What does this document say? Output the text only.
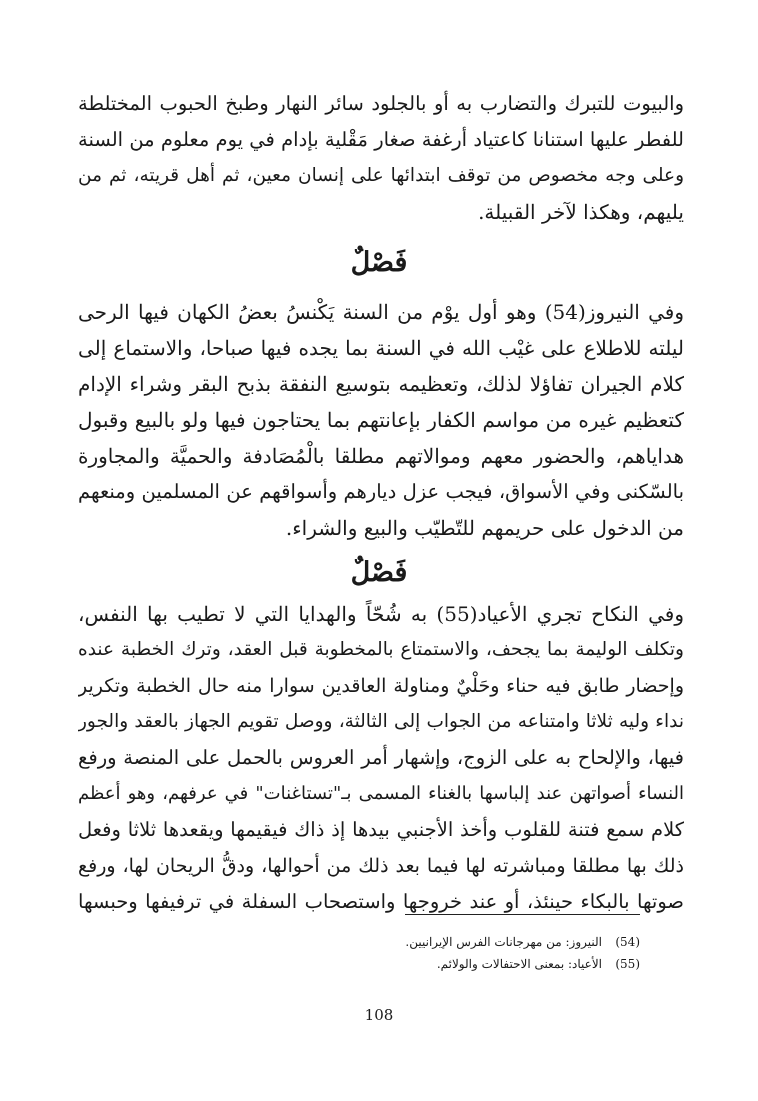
والبيوت للتبرك والتضارب به أو بالجلود سائر النهار وطبخ الحبوب المختلطة
للفطر عليها استنانا كاعتياد أرغفة صغار مَقْلية بإدام في يوم معلوم من السنة
وعلى وجه مخصوص من توقف ابتدائها على إنسان معين، ثم أهل قريته، ثم من
يليهم، وهكذا لآخر القبيلة.
فَصْلٌ
وفي النيروز(54) وهو أول يوْم من السنة يَكْنسُ بعضُ الكهان فيها الرحى
ليلته للاطلاع على غيْب الله في السنة بما يجده فيها صباحا، والاستماع إلى
كلام الجيران تفاؤلا لذلك، وتعظيمه بتوسيع النفقة بذبح البقر وشراء الإدام
كتعظيم غيره من مواسم الكفار بإعانتهم بما يحتاجون فيها ولو بالبيع وقبول
هداياهم، والحضور معهم وموالاتهم مطلقا بالْمُصَادفة والحميَّة والمجاورة
بالسّكنى وفي الأسواق، فيجب عزل ديارهم وأسواقهم عن المسلمين ومنعهم
من الدخول على حريمهم للتّطيّب والبيع والشراء.
فَصْلٌ
وفي النكاح تجري الأعياد(55) به شُحّاً والهدايا التي لا تطيب بها النفس،
وتكلف الوليمة بما يجحف، والاستمتاع بالمخطوبة قبل العقد، وترك الخطبة عنده
وإحضار طابق فيه حناء وحَلْيٌ ومناولة العاقدين سوارا منه حال الخطبة وتكرير
نداء وليه ثلاثا وامتناعه من الجواب إلى الثالثة، ووصل تقويم الجهاز بالعقد والجور
فيها، والإلحاح به على الزوج، وإشهار أمر العروس بالحمل على المنصة ورفع
النساء أصواتهن عند إلباسها بالغناء المسمى بـ"تستاغنات" في عرفهم، وهو أعظم
كلام سمع فتنة للقلوب وأخذ الأجنبي بيدها إذ ذاك فيقيمها ويقعدها ثلاثا وفعل
ذلك بها مطلقا ومباشرته لها فيما بعد ذلك من أحوالها، ودقُّ الريحان لها، ورفع
صوتها بالبكاء حينئذ، أو عند خروجها واستصحاب السفلة في ترفيفها وحبسها
(54)النيروز: من مهرجانات الفرس الإيرانيين.
(55)الأعياد: بمعنى الاحتفالات والولائم.
108
